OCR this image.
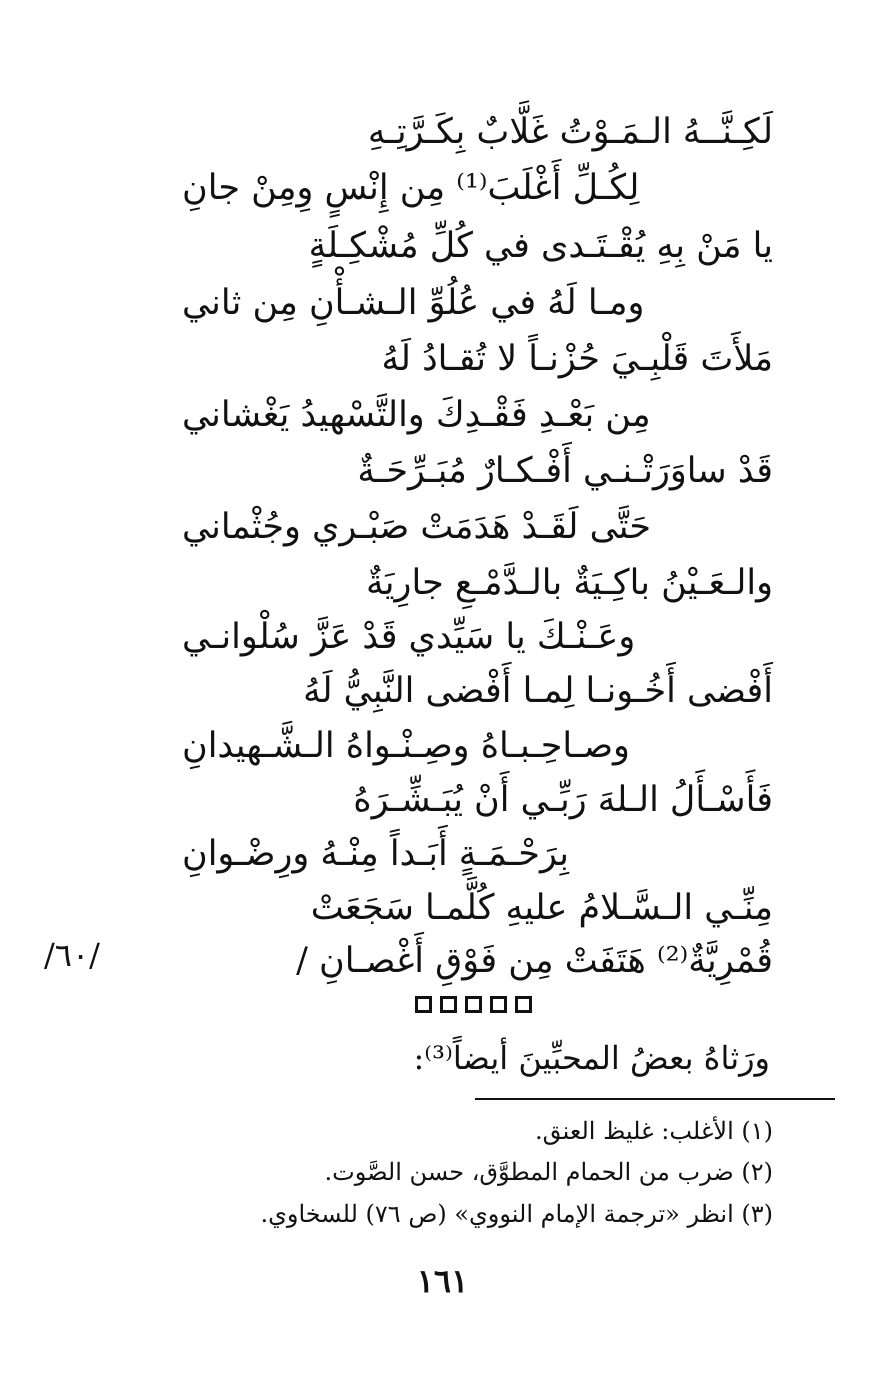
لَكِـنَّــهُ الـمَـوْتُ غَلَّابٌ بِكَـرَّتِـهِ
لِكُـلِّ أَغْلَبَ⁽¹⁾ مِن إِنْسٍ وِمِنْ جانِ
يا مَنْ بِهِ يُقْـتَـدى في كُلِّ مُشْكِـلَةٍ
ومـا لَهُ في عُلُوِّ الـشـأْنِ مِن ثاني
مَلأَتَ قَلْبِـيَ حُزْنـاً لا تُقـادُ لَهُ
مِن بَعْـدِ فَقْـدِكَ والتَّسْهيدُ يَغْشاني
قَدْ ساوَرَتْـنـي أَفْـكـارٌ مُبَـرِّحَـةٌ
حَتَّى لَقَـدْ هَدَمَتْ صَبْـري وجُثْماني
والـعَـيْنُ باكِـيَةٌ بالـدَّمْـعِ جارِيَةٌ
وعَـنْـكَ يا سَيِّدي قَدْ عَزَّ سُلْوانـي
أَفْضى أَخُـونـا لِمـا أَفْضى النَّبِيُّ لَهُ
وصـاحِـبـاهُ وصِـنْـواهُ الـشَّـهيدانِ
فَأَسْـأَلُ الـلهَ رَبِّـي أَنْ يُبَـشِّـرَهُ
بِرَحْـمَـةٍ أَبَـداً مِنْـهُ ورِضْـوانِ
مِنِّـي الـسَّـلامُ عليهِ كُلَّمـا سَجَعَتْ
قُمْرِيَّةٌ⁽²⁾ هَتَفَتْ مِن فَوْقِ أَغْصـانِ /
/٦٠/
ورَثاهُ بعضُ المحبِّينَ أيضاً⁽³⁾:
(١) الأغلب: غليظ العنق.
(٢) ضرب من الحمام المطوَّق، حسن الصَّوت.
(٣) انظر «ترجمة الإمام النووي» (ص ٧٦) للسخاوي.
١٦١
